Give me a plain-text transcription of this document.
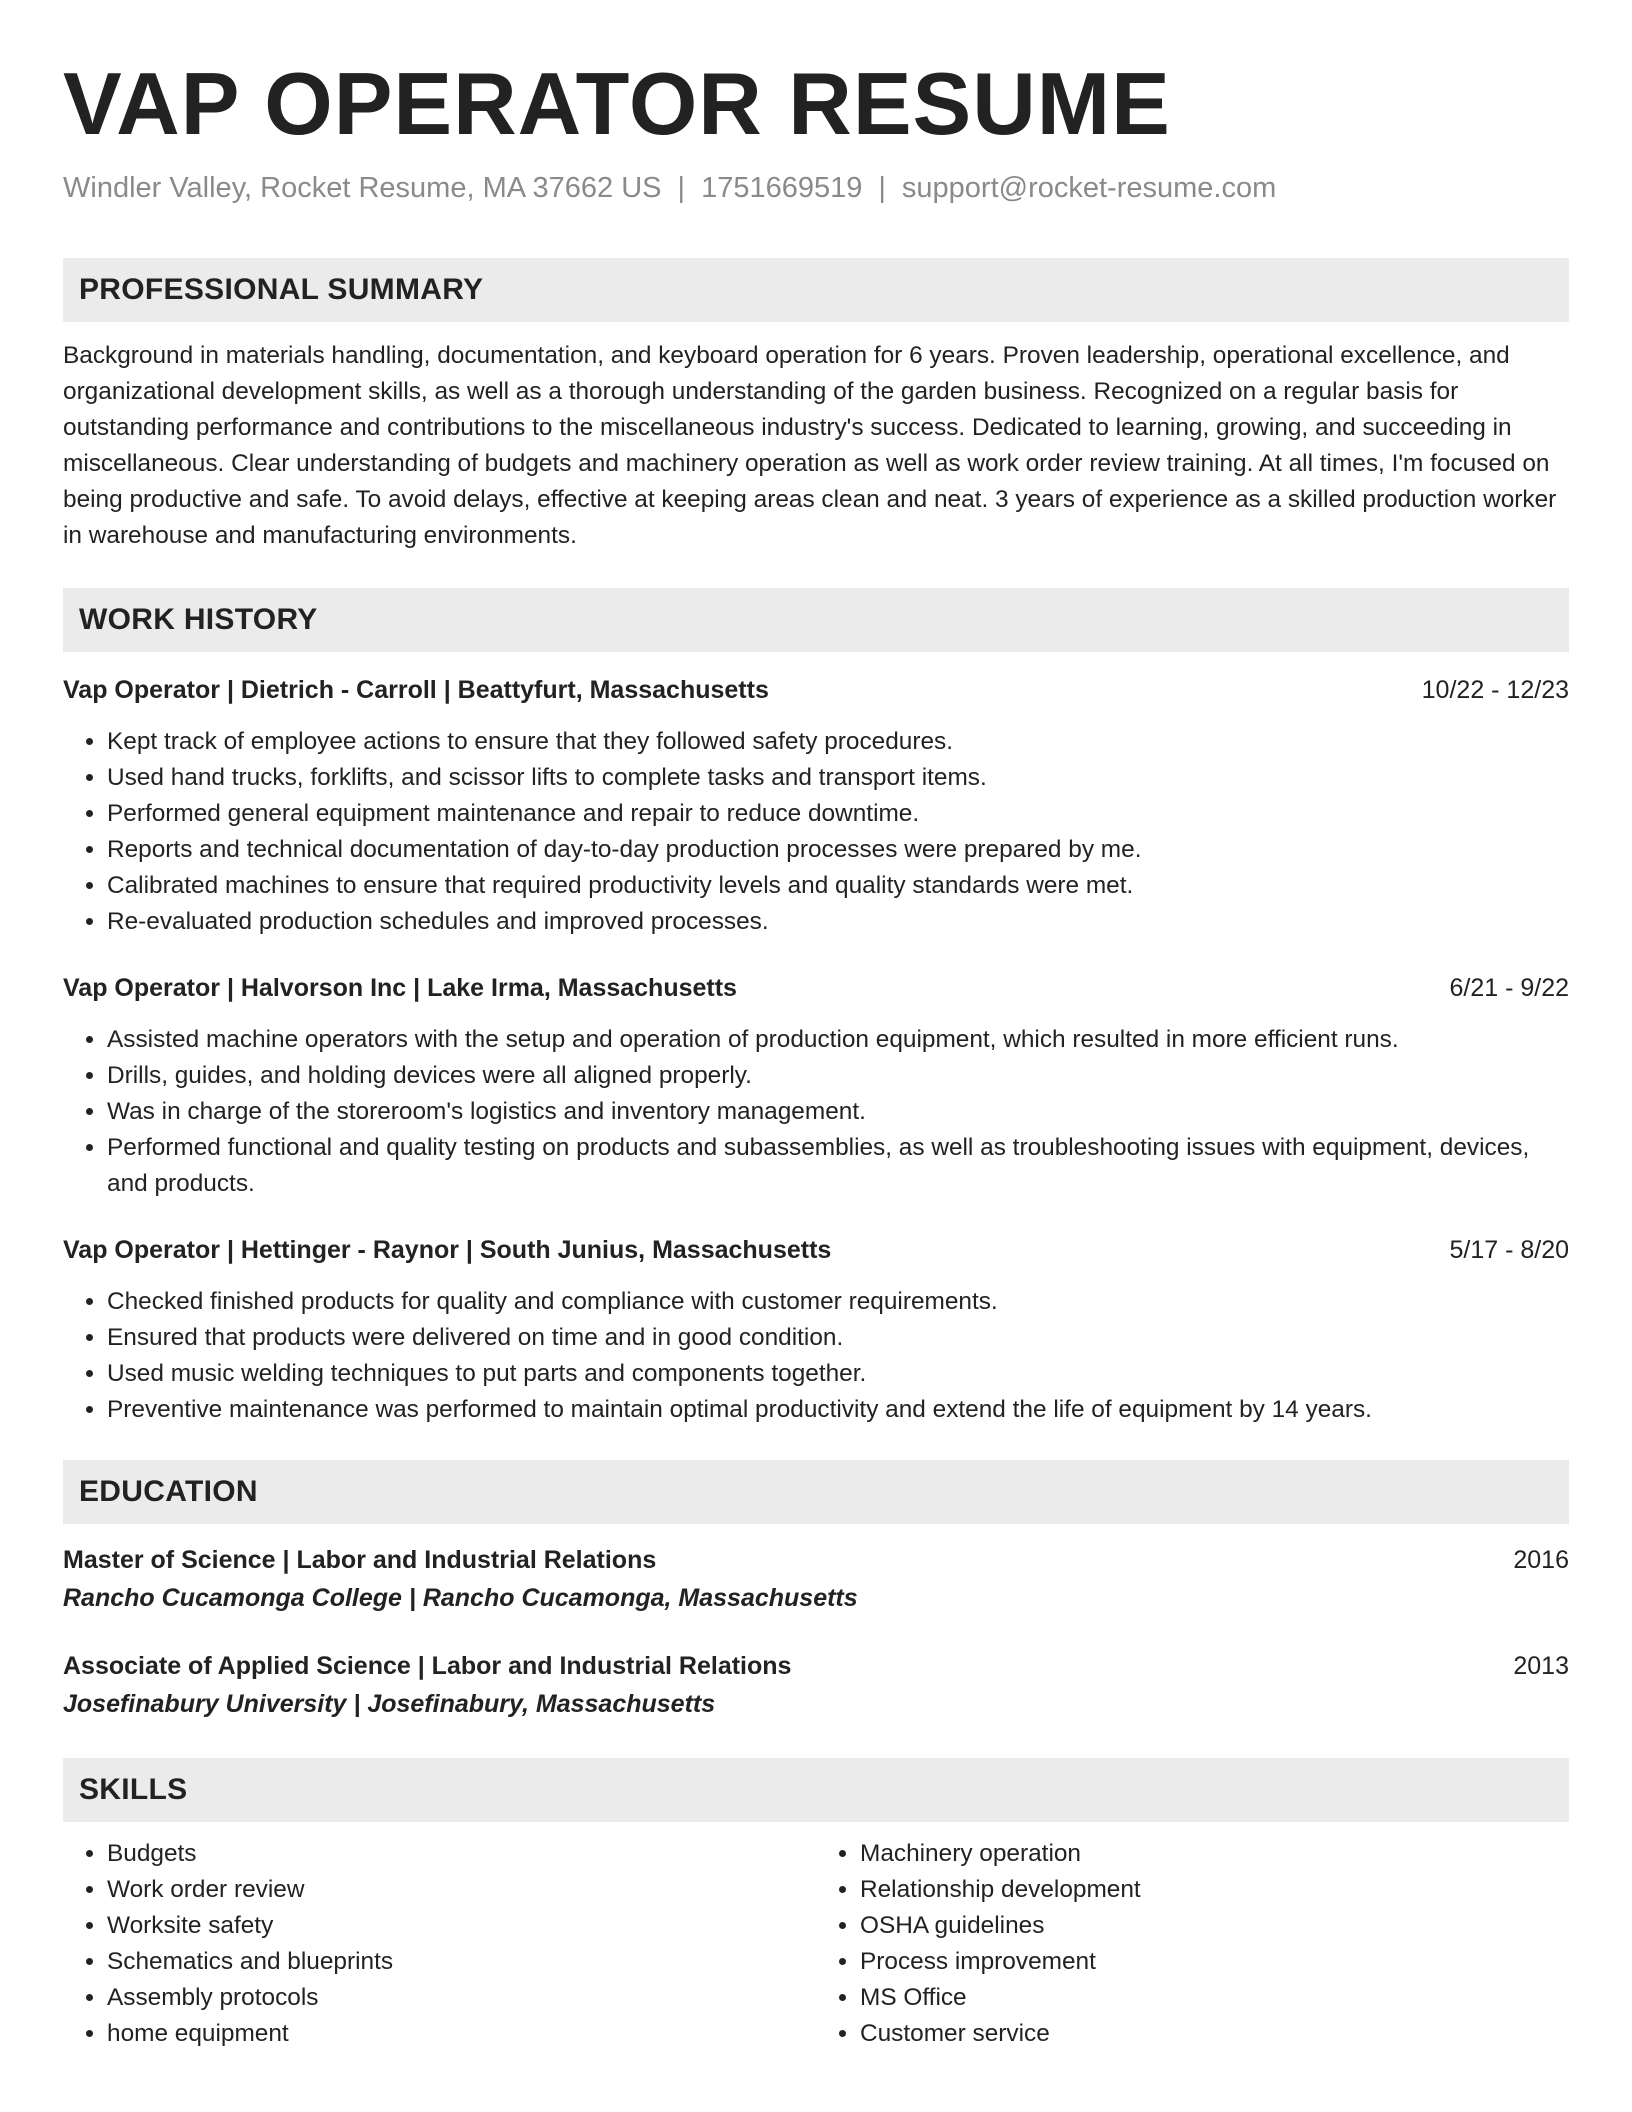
VAP OPERATOR RESUME
Windler Valley, Rocket Resume, MA 37662 US | 1751669519 | support@rocket-resume.com
PROFESSIONAL SUMMARY

Background in materials handling, documentation, and keyboard operation for 6 years. Proven leadership, operational excellence, and organizational development skills, as well as a thorough understanding of the garden business. Recognized on a regular basis for outstanding performance and contributions to the miscellaneous industry's success. Dedicated to learning, growing, and succeeding in miscellaneous. Clear understanding of budgets and machinery operation as well as work order review training. At all times, I'm focused on being productive and safe. To avoid delays, effective at keeping areas clean and neat. 3 years of experience as a skilled production worker in warehouse and manufacturing environments.

WORK HISTORY
Vap Operator | Dietrich - Carroll | Beattyfurt, Massachusetts	10/22 - 12/23
• Kept track of employee actions to ensure that they followed safety procedures.
• Used hand trucks, forklifts, and scissor lifts to complete tasks and transport items.
• Performed general equipment maintenance and repair to reduce downtime.
• Reports and technical documentation of day-to-day production processes were prepared by me.
• Calibrated machines to ensure that required productivity levels and quality standards were met.
• Re-evaluated production schedules and improved processes.
Vap Operator | Halvorson Inc | Lake Irma, Massachusetts	6/21 - 9/22
• Assisted machine operators with the setup and operation of production equipment, which resulted in more efficient runs.
• Drills, guides, and holding devices were all aligned properly.
• Was in charge of the storeroom's logistics and inventory management.
• Performed functional and quality testing on products and subassemblies, as well as troubleshooting issues with equipment, devices, and products.
Vap Operator | Hettinger - Raynor | South Junius, Massachusetts	5/17 - 8/20
• Checked finished products for quality and compliance with customer requirements.
• Ensured that products were delivered on time and in good condition.
• Used music welding techniques to put parts and components together.
• Preventive maintenance was performed to maintain optimal productivity and extend the life of equipment by 14 years.
EDUCATION
Master of Science | Labor and Industrial Relations	2016
Rancho Cucamonga College | Rancho Cucamonga, Massachusetts
Associate of Applied Science | Labor and Industrial Relations	2013
Josefinabury University | Josefinabury, Massachusetts
SKILLS
• Budgets
• Work order review
• Worksite safety
• Schematics and blueprints
• Assembly protocols
• home equipment
• Machinery operation
• Relationship development
• OSHA guidelines
• Process improvement
• MS Office
• Customer service
